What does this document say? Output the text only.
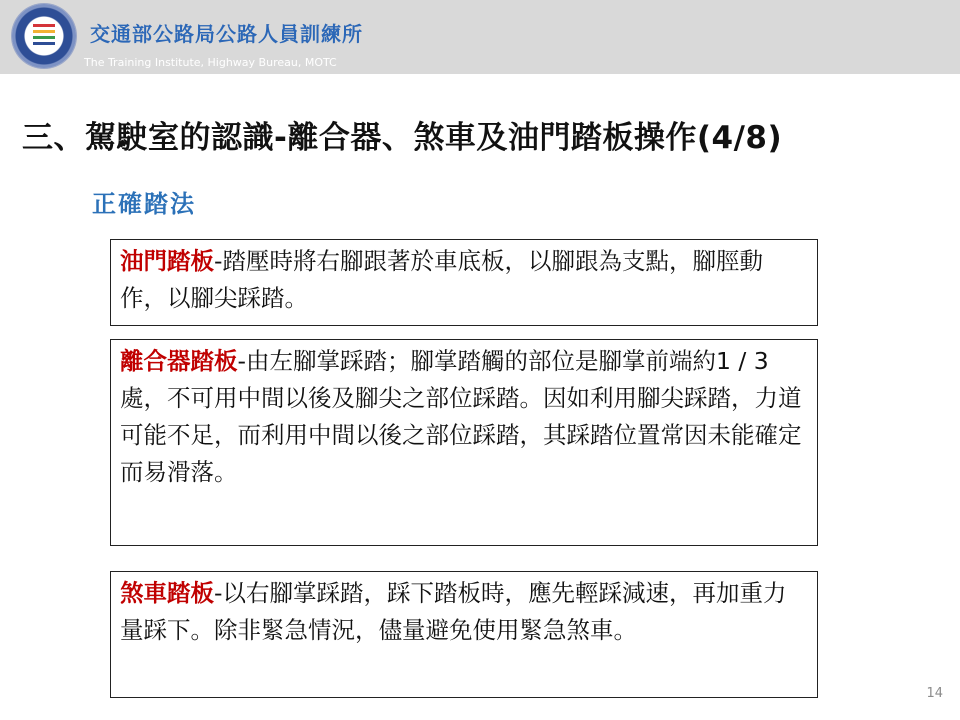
交通部公路局公路人員訓練所
The Training Institute, Highway Bureau, MOTC
三、駕駛室的認識-離合器、煞車及油門踏板操作(4/8)
正確踏法
油門踏板-踏壓時將右腳跟著於車底板，以腳跟為支點，腳脛動作，以腳尖踩踏。
離合器踏板-由左腳掌踩踏；腳掌踏觸的部位是腳掌前端約1 / 3處，不可用中間以後及腳尖之部位踩踏。因如利用腳尖踩踏，力道可能不足，而利用中間以後之部位踩踏，其踩踏位置常因未能確定而易滑落。
煞車踏板-以右腳掌踩踏，踩下踏板時，應先輕踩減速，再加重力量踩下。除非緊急情況，儘量避免使用緊急煞車。
14
